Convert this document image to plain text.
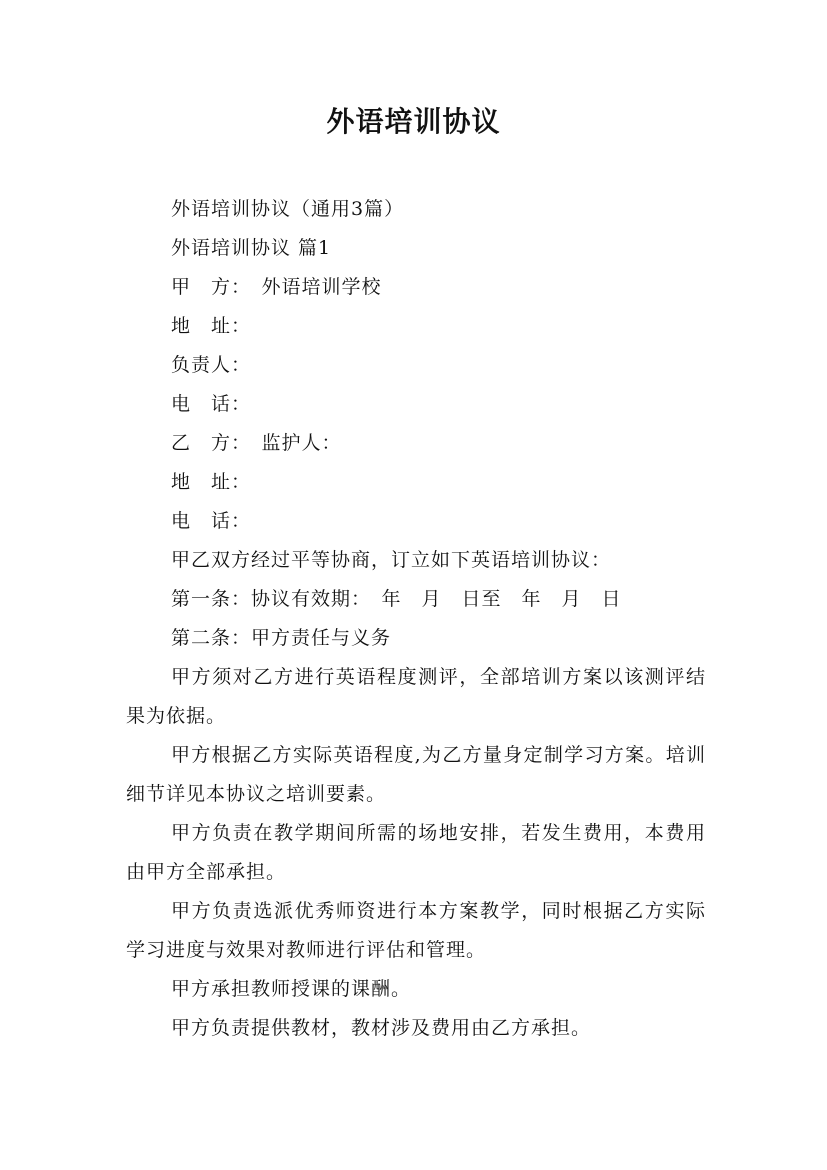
外语培训协议

外语培训协议（通用3篇）

外语培训协议 篇1

甲　方：　外语培训学校

地　址：

负责人：

电　话：

乙　方：　监护人：

地　址：

电　话：

甲乙双方经过平等协商，订立如下英语培训协议：

第一条：协议有效期：　年　月　日至　年　月　日

第二条：甲方责任与义务

甲方须对乙方进行英语程度测评，全部培训方案以该测评结果为依据。

甲方根据乙方实际英语程度,为乙方量身定制学习方案。培训细节详见本协议之培训要素。

甲方负责在教学期间所需的场地安排，若发生费用，本费用由甲方全部承担。

甲方负责选派优秀师资进行本方案教学，同时根据乙方实际学习进度与效果对教师进行评估和管理。

甲方承担教师授课的课酬。

甲方负责提供教材，教材涉及费用由乙方承担。
